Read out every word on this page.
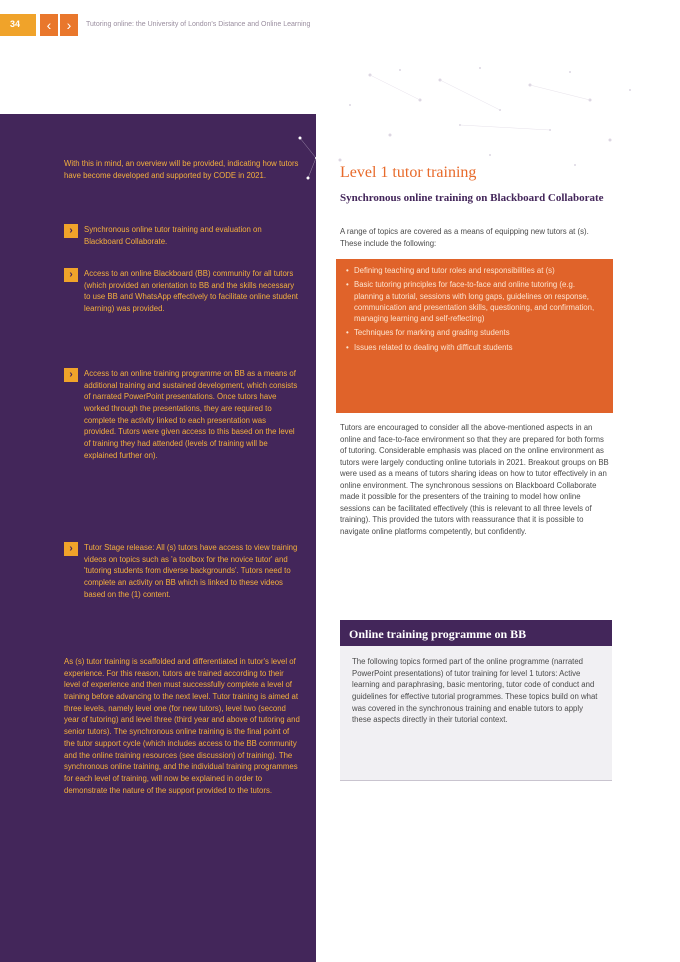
34	‹	›	Tutoring online: the University of London's Distance and Online Learning

With this in mind, an overview will be provided, indicating how tutors have become developed and supported by CODE in 2021.

›	Synchronous online tutor training and evaluation on Blackboard Collaborate.

›	Access to an online Blackboard (BB) community for all tutors (which provided an orientation to BB and the skills necessary to use BB and WhatsApp effectively to facilitate online student learning) was provided.

›	Access to an online training programme on BB as a means of additional training and sustained development, which consists of narrated PowerPoint presentations. Once tutors have worked through the presentations, they are required to complete the activity linked to each presentation was provided. Tutors were given access to this based on the level of training they had attended (levels of training will be explained further on).

›	Tutor Stage release: All (s) tutors have access to view training videos on topics such as 'a toolbox for the novice tutor' and 'tutoring students from diverse backgrounds'. Tutors need to complete an activity on BB which is linked to these videos based on the (1) content.

As (s) tutor training is scaffolded and differentiated in tutor's level of experience. For this reason, tutors are trained according to their level of experience and then must successfully complete a level of training before advancing to the next level. Tutor training is aimed at three levels, namely level one (for new tutors), level two (second year of tutoring) and level three (third year and above of tutoring and senior tutors). The synchronous online training is the final point of the tutor support cycle (which includes access to the BB community and the online training resources (see discussion) of training). The synchronous online training, and the individual training programmes for each level of training, will now be explained in order to demonstrate the nature of the support provided to the tutors.

Level 1 tutor training
Synchronous online training on Blackboard Collaborate

A range of topics are covered as a means of equipping new tutors at (s). These include the following:

• Defining teaching and tutor roles and responsibilities at (s)
• Basic tutoring principles for face-to-face and online tutoring (e.g. planning a tutorial, sessions with long gaps, guidelines on response, communication and presentation skills, questioning, and confirmation, managing learning and self-reflecting)
• Techniques for marking and grading students
• Issues related to dealing with difficult students

Tutors are encouraged to consider all the above-mentioned aspects in an online and face-to-face environment so that they are prepared for both forms of tutoring. Considerable emphasis was placed on the online environment as tutors were largely conducting online tutorials in 2021. Breakout groups on BB were used as a means of tutors sharing ideas on how to tutor effectively in an online environment. The synchronous sessions on Blackboard Collaborate made it possible for the presenters of the training to model how online sessions can be facilitated effectively (this is relevant to all three levels of training). This provided the tutors with reassurance that it is possible to navigate online platforms competently, but confidently.

Online training programme on BB

The following topics formed part of the online programme (narrated PowerPoint presentations) of tutor training for level 1 tutors: Active learning and paraphrasing, basic mentoring, tutor code of conduct and guidelines for effective tutorial programmes. These topics build on what was covered in the synchronous training and enable tutors to apply these aspects directly in their tutorial context.
